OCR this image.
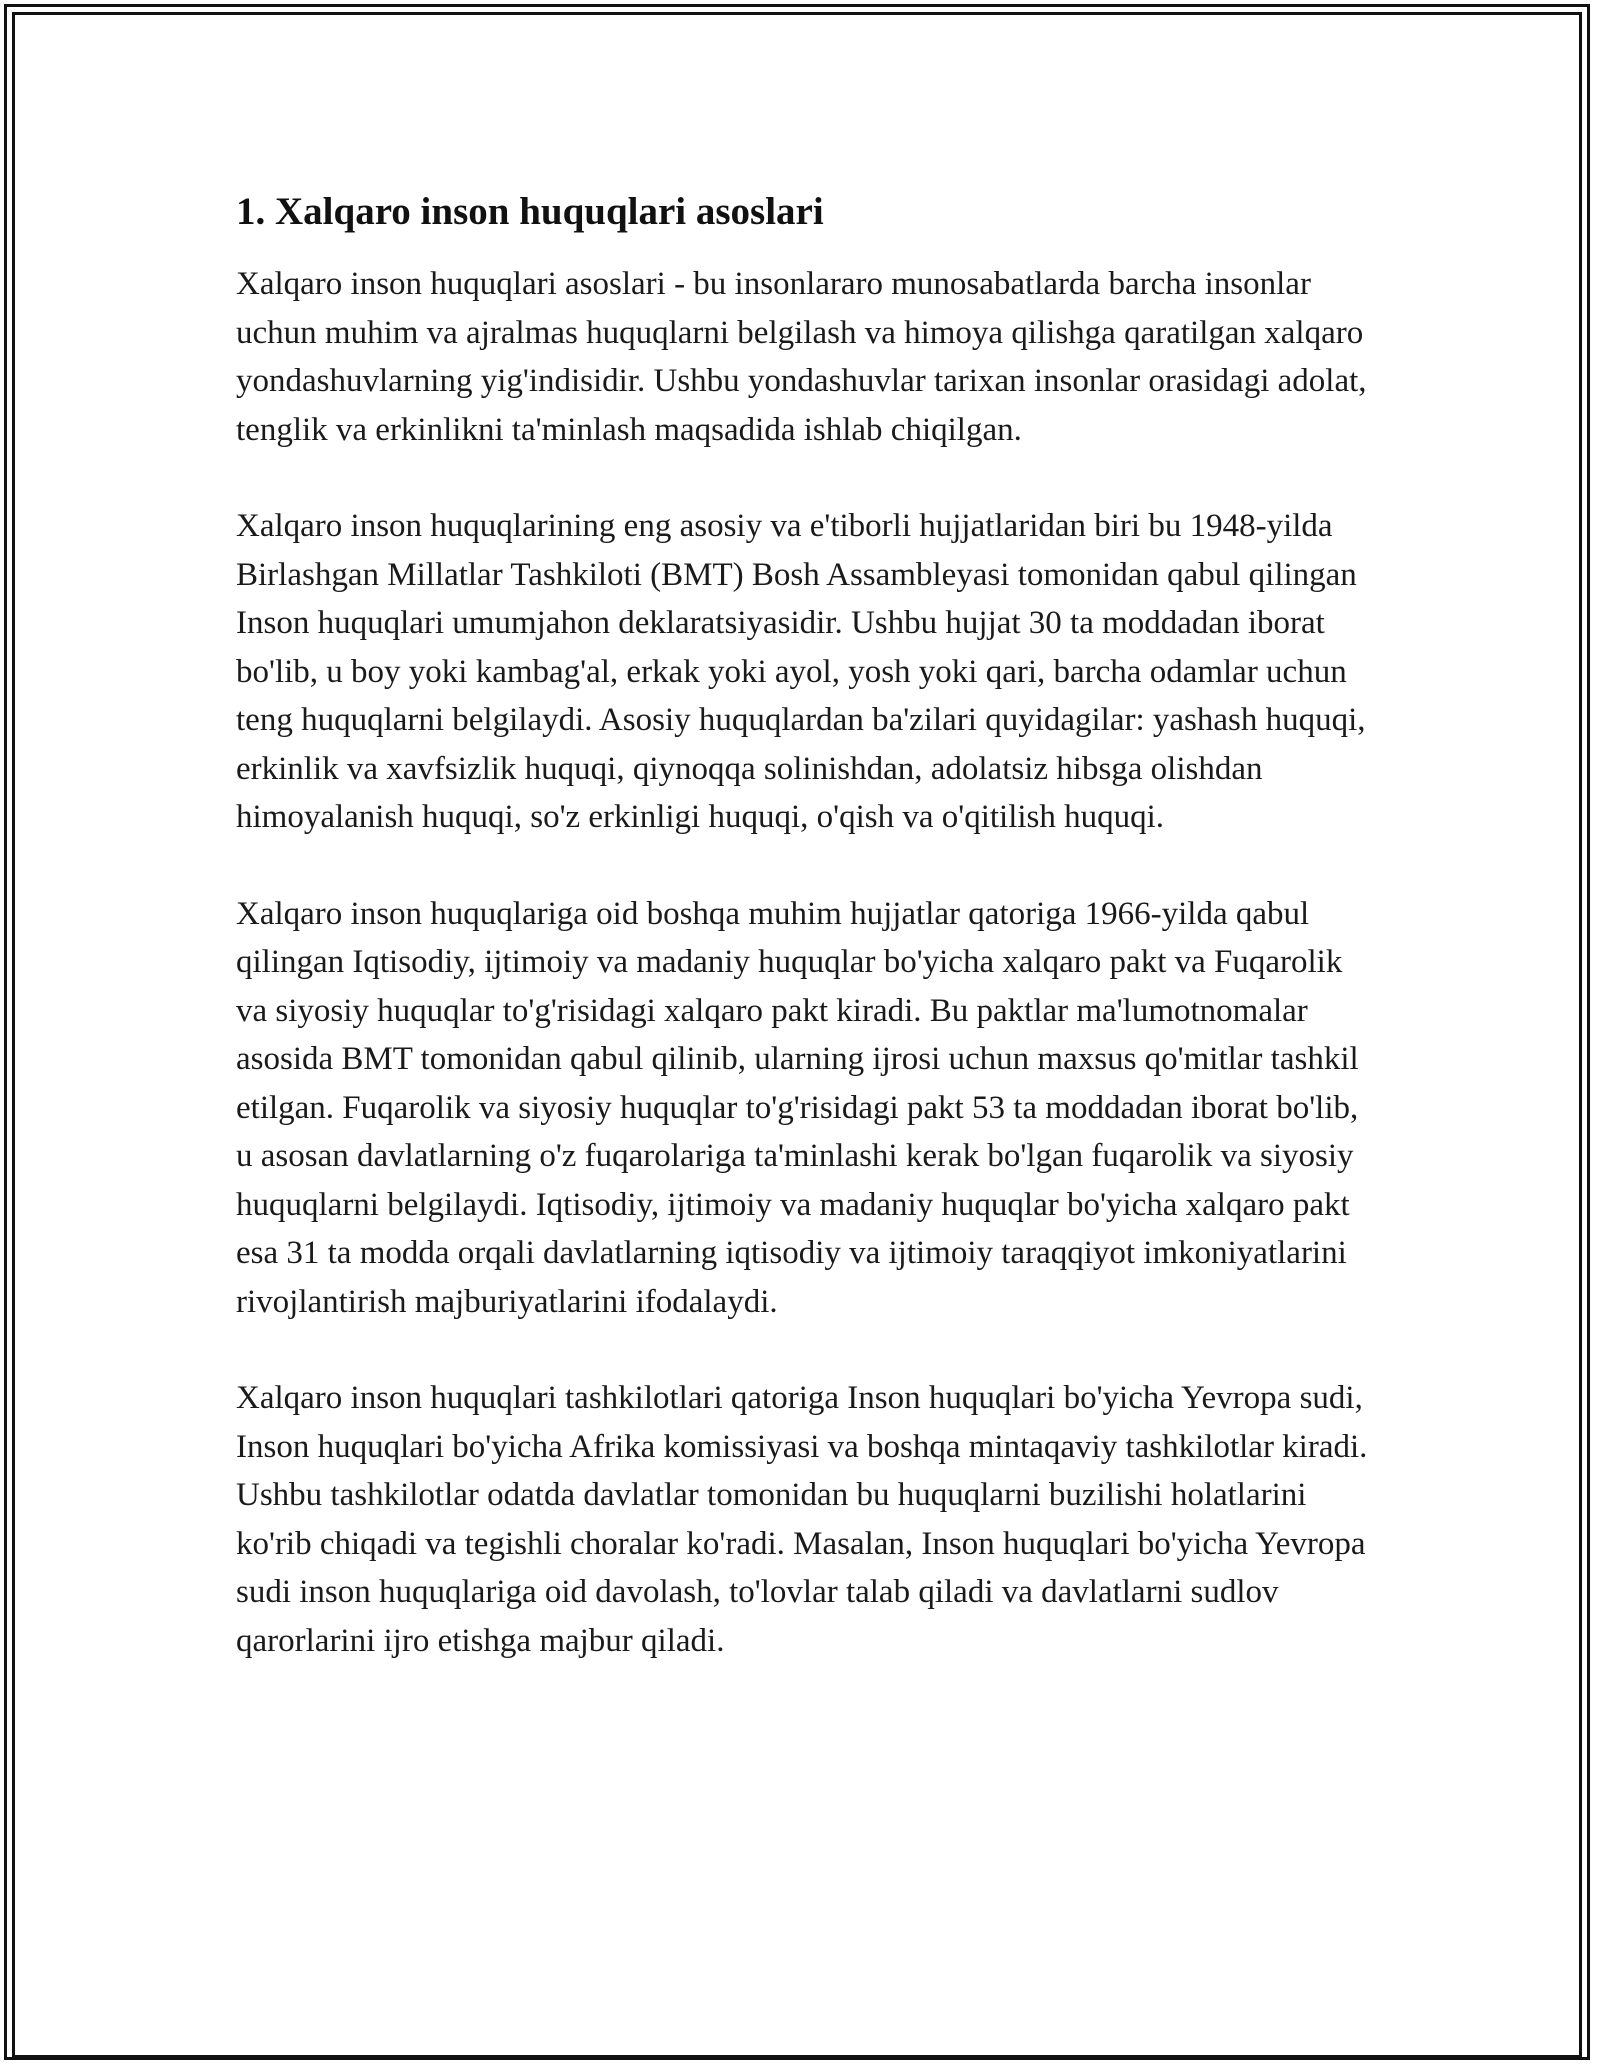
1. Xalqaro inson huquqlari asoslari

Xalqaro inson huquqlari asoslari - bu insonlararo munosabatlarda barcha insonlar uchun muhim va ajralmas huquqlarni belgilash va himoya qilishga qaratilgan xalqaro yondashuvlarning yig'indisidir. Ushbu yondashuvlar tarixan insonlar orasidagi adolat, tenglik va erkinlikni ta'minlash maqsadida ishlab chiqilgan.

Xalqaro inson huquqlarining eng asosiy va e'tiborli hujjatlaridan biri bu 1948-yilda Birlashgan Millatlar Tashkiloti (BMT) Bosh Assambleyasi tomonidan qabul qilingan Inson huquqlari umumjahon deklaratsiyasidir. Ushbu hujjat 30 ta moddadan iborat bo'lib, u boy yoki kambag'al, erkak yoki ayol, yosh yoki qari, barcha odamlar uchun teng huquqlarni belgilaydi. Asosiy huquqlardan ba'zilari quyidagilar: yashash huquqi, erkinlik va xavfsizlik huquqi, qiynoqqa solinishdan, adolatsiz hibsga olishdan himoyalanish huquqi, so'z erkinligi huquqi, o'qish va o'qitilish huquqi.

Xalqaro inson huquqlariga oid boshqa muhim hujjatlar qatoriga 1966-yilda qabul qilingan Iqtisodiy, ijtimoiy va madaniy huquqlar bo'yicha xalqaro pakt va Fuqarolik va siyosiy huquqlar to'g'risidagi xalqaro pakt kiradi. Bu paktlar ma'lumotnomalar asosida BMT tomonidan qabul qilinib, ularning ijrosi uchun maxsus qo'mitlar tashkil etilgan. Fuqarolik va siyosiy huquqlar to'g'risidagi pakt 53 ta moddadan iborat bo'lib, u asosan davlatlarning o'z fuqarolariga ta'minlashi kerak bo'lgan fuqarolik va siyosiy huquqlarni belgilaydi. Iqtisodiy, ijtimoiy va madaniy huquqlar bo'yicha xalqaro pakt esa 31 ta modda orqali davlatlarning iqtisodiy va ijtimoiy taraqqiyot imkoniyatlarini rivojlantirish majburiyatlarini ifodalaydi.

Xalqaro inson huquqlari tashkilotlari qatoriga Inson huquqlari bo'yicha Yevropa sudi, Inson huquqlari bo'yicha Afrika komissiyasi va boshqa mintaqaviy tashkilotlar kiradi. Ushbu tashkilotlar odatda davlatlar tomonidan bu huquqlarni buzilishi holatlarini ko'rib chiqadi va tegishli choralar ko'radi. Masalan, Inson huquqlari bo'yicha Yevropa sudi inson huquqlariga oid davolash, to'lovlar talab qiladi va davlatlarni sudlov qarorlarini ijro etishga majbur qiladi.
